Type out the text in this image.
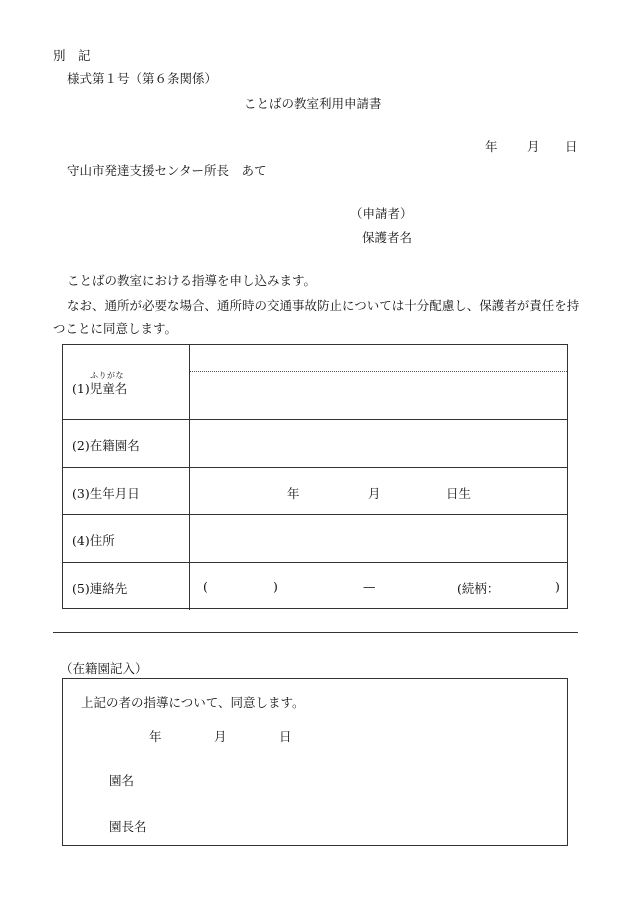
別　記
様式第１号（第６条関係）
ことばの教室利用申請書
年 月 日
守山市発達支援センター所長　あて
（申請者）
保護者名
ことばの教室における指導を申し込みます。
なお、通所が必要な場合、通所時の交通事故防止については十分配慮し、保護者が責任を持つことに同意します。
ふりがな
(1)児童名
(2)在籍園名
(3)生年月日	年	月	日生
(4)住所
(5)連絡先	(	)	—	(続柄：	)
（在籍園記入）
上記の者の指導について、同意します。
年	月	日
園名
園長名
